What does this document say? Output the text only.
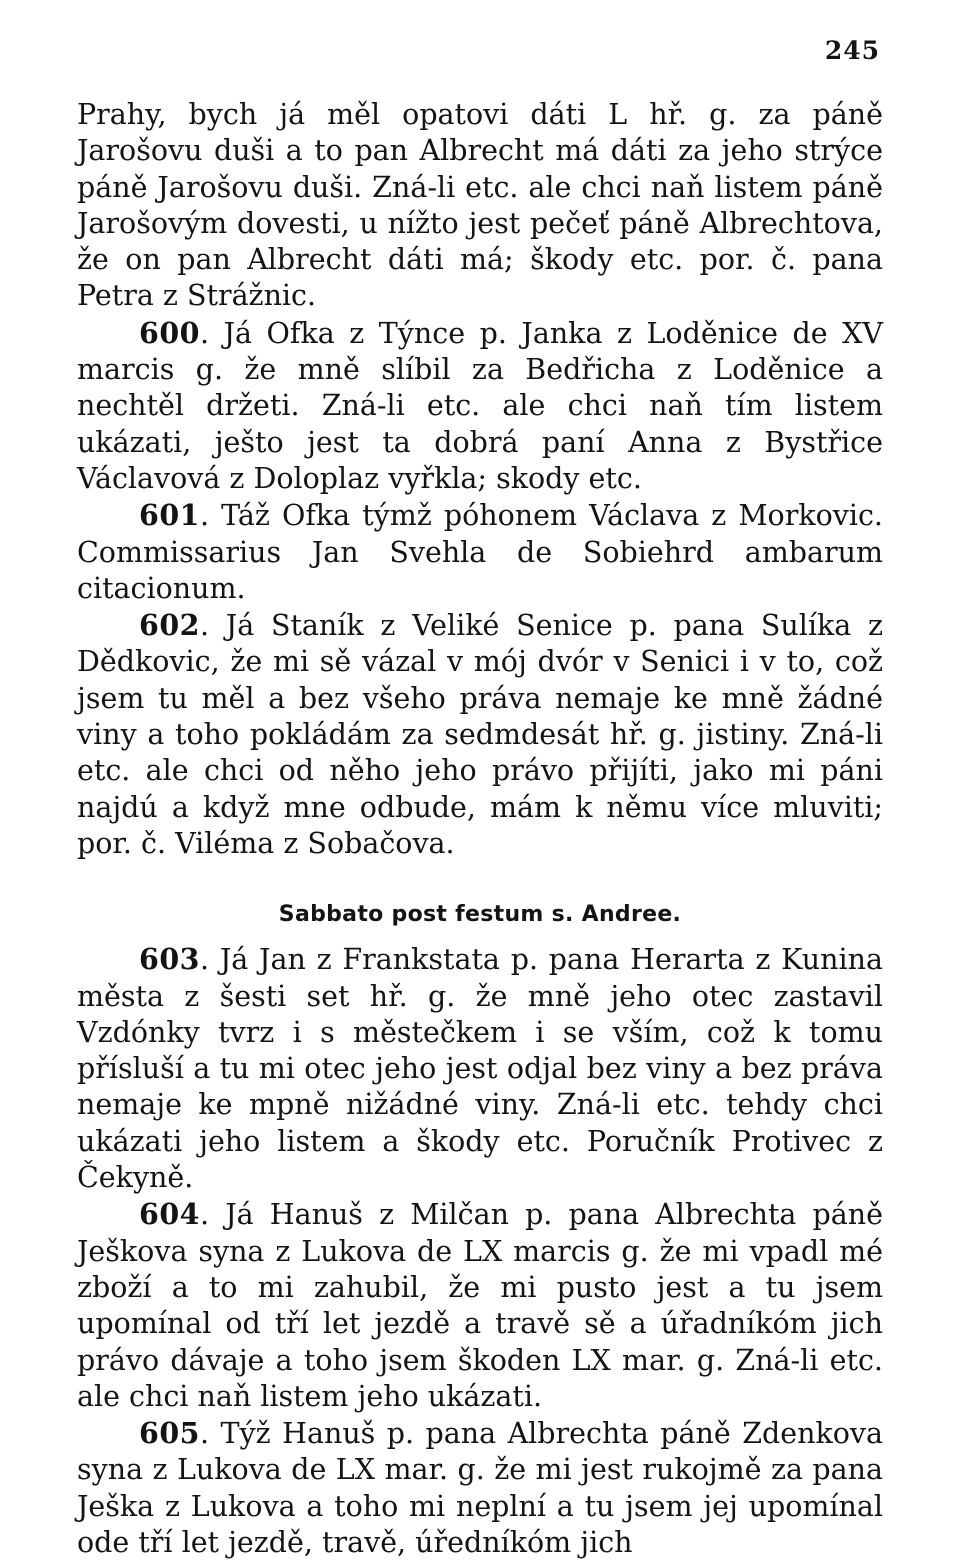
245

Prahy, bych já měl opatovi dáti L hř. g. za páně Jarošovu duši a to pan Albrecht má dáti za jeho strýce páně Jarošovu duši. Zná-li etc. ale chci naň listem páně Jarošovým dovesti, u nížto jest pečeť páně Albrechtova, že on pan Albrecht dáti má; škody etc. por. č. pana Petra z Strážnic.

600. Já Ofka z Týnce p. Janka z Loděnice de XV marcis g. že mně slíbil za Bedřicha z Loděnice a nechtěl držeti. Zná-li etc. ale chci naň tím listem ukázati, ješto jest ta dobrá paní Anna z Bystřice Václavová z Doloplaz vyřkla; skody etc.

601. Táž Ofka týmž póhonem Václava z Morkovic. Commissarius Jan Svehla de Sobiehrd ambarum citacionum.

602. Já Staník z Veliké Senice p. pana Sulíka z Dědkovic, že mi sě vázal v mój dvór v Senici i v to, což jsem tu měl a bez všeho práva nemaje ke mně žádné viny a toho pokládám za sedmdesát hř. g. jistiny. Zná-li etc. ale chci od něho jeho právo přijíti, jako mi páni najdú a když mne odbude, mám k němu více mluviti; por. č. Viléma z Sobačova.

Sabbato post festum s. Andree.

603. Já Jan z Frankstata p. pana Herarta z Kunina města z šesti set hř. g. že mně jeho otec zastavil Vzdónky tvrz i s městečkem i se vším, což k tomu přísluší a tu mi otec jeho jest odjal bez viny a bez práva nemaje ke mpně nižádné viny. Zná-li etc. tehdy chci ukázati jeho listem a škody etc. Poručník Protivec z Čekyně.

604. Já Hanuš z Milčan p. pana Albrechta páně Ješkova syna z Lukova de LX marcis g. že mi vpadl mé zboží a to mi zahubil, že mi pusto jest a tu jsem upomínal od tří let jezdě a travě sě a úřadníkóm jich právo dávaje a toho jsem škoden LX mar. g. Zná-li etc. ale chci naň listem jeho ukázati.

605. Týž Hanuš p. pana Albrechta páně Zdenkova syna z Lukova de LX mar. g. že mi jest rukojmě za pana Ješka z Lukova a toho mi neplní a tu jsem jej upomínal ode tří let jezdě, travě, úředníkóm jich
